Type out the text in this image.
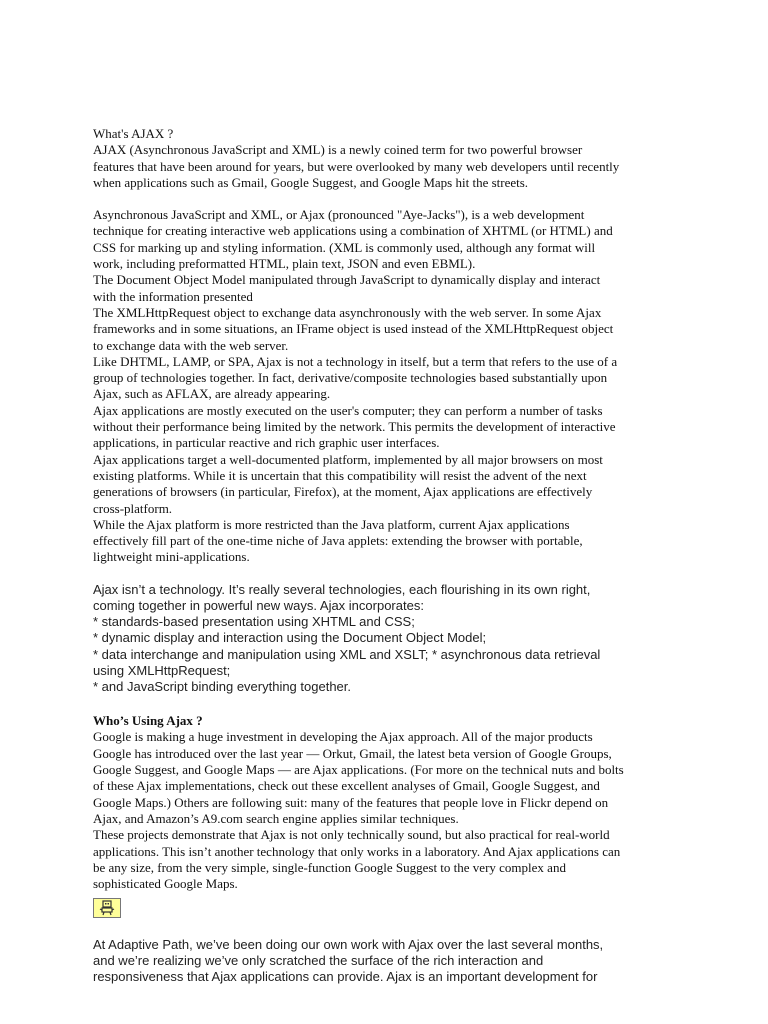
What's AJAX ?

AJAX (Asynchronous JavaScript and XML) is a newly coined term for two powerful browser

features that have been around for years, but were overlooked by many web developers until recently

when applications such as Gmail, Google Suggest, and Google Maps hit the streets.

Asynchronous JavaScript and XML, or Ajax (pronounced "Aye-Jacks"), is a web development

technique for creating interactive web applications using a combination of XHTML (or HTML) and

CSS for marking up and styling information. (XML is commonly used, although any format will

work, including preformatted HTML, plain text, JSON and even EBML).

The Document Object Model manipulated through JavaScript to dynamically display and interact

with the information presented

The XMLHttpRequest object to exchange data asynchronously with the web server. In some Ajax

frameworks and in some situations, an IFrame object is used instead of the XMLHttpRequest object

to exchange data with the web server.

Like DHTML, LAMP, or SPA, Ajax is not a technology in itself, but a term that refers to the use of a

group of technologies together. In fact, derivative/composite technologies based substantially upon

Ajax, such as AFLAX, are already appearing.

Ajax applications are mostly executed on the user's computer; they can perform a number of tasks

without their performance being limited by the network. This permits the development of interactive

applications, in particular reactive and rich graphic user interfaces.

Ajax applications target a well-documented platform, implemented by all major browsers on most

existing platforms. While it is uncertain that this compatibility will resist the advent of the next

generations of browsers (in particular, Firefox), at the moment, Ajax applications are effectively

cross-platform.

While the Ajax platform is more restricted than the Java platform, current Ajax applications

effectively fill part of the one-time niche of Java applets: extending the browser with portable,

lightweight mini-applications.

Ajax isn’t a technology. It’s really several technologies, each flourishing in its own right,

coming together in powerful new ways. Ajax incorporates:

* standards-based presentation using XHTML and CSS;

* dynamic display and interaction using the Document Object Model;

* data interchange and manipulation using XML and XSLT; * asynchronous data retrieval

using XMLHttpRequest;

* and JavaScript binding everything together.

Who’s Using Ajax ?

Google is making a huge investment in developing the Ajax approach. All of the major products

Google has introduced over the last year — Orkut, Gmail, the latest beta version of Google Groups,

Google Suggest, and Google Maps — are Ajax applications. (For more on the technical nuts and bolts

of these Ajax implementations, check out these excellent analyses of Gmail, Google Suggest, and

Google Maps.) Others are following suit: many of the features that people love in Flickr depend on

Ajax, and Amazon’s A9.com search engine applies similar techniques.

These projects demonstrate that Ajax is not only technically sound, but also practical for real-world

applications. This isn’t another technology that only works in a laboratory. And Ajax applications can

be any size, from the very simple, single-function Google Suggest to the very complex and

sophisticated Google Maps.

At Adaptive Path, we’ve been doing our own work with Ajax over the last several months,

and we’re realizing we’ve only scratched the surface of the rich interaction and

responsiveness that Ajax applications can provide. Ajax is an important development for
